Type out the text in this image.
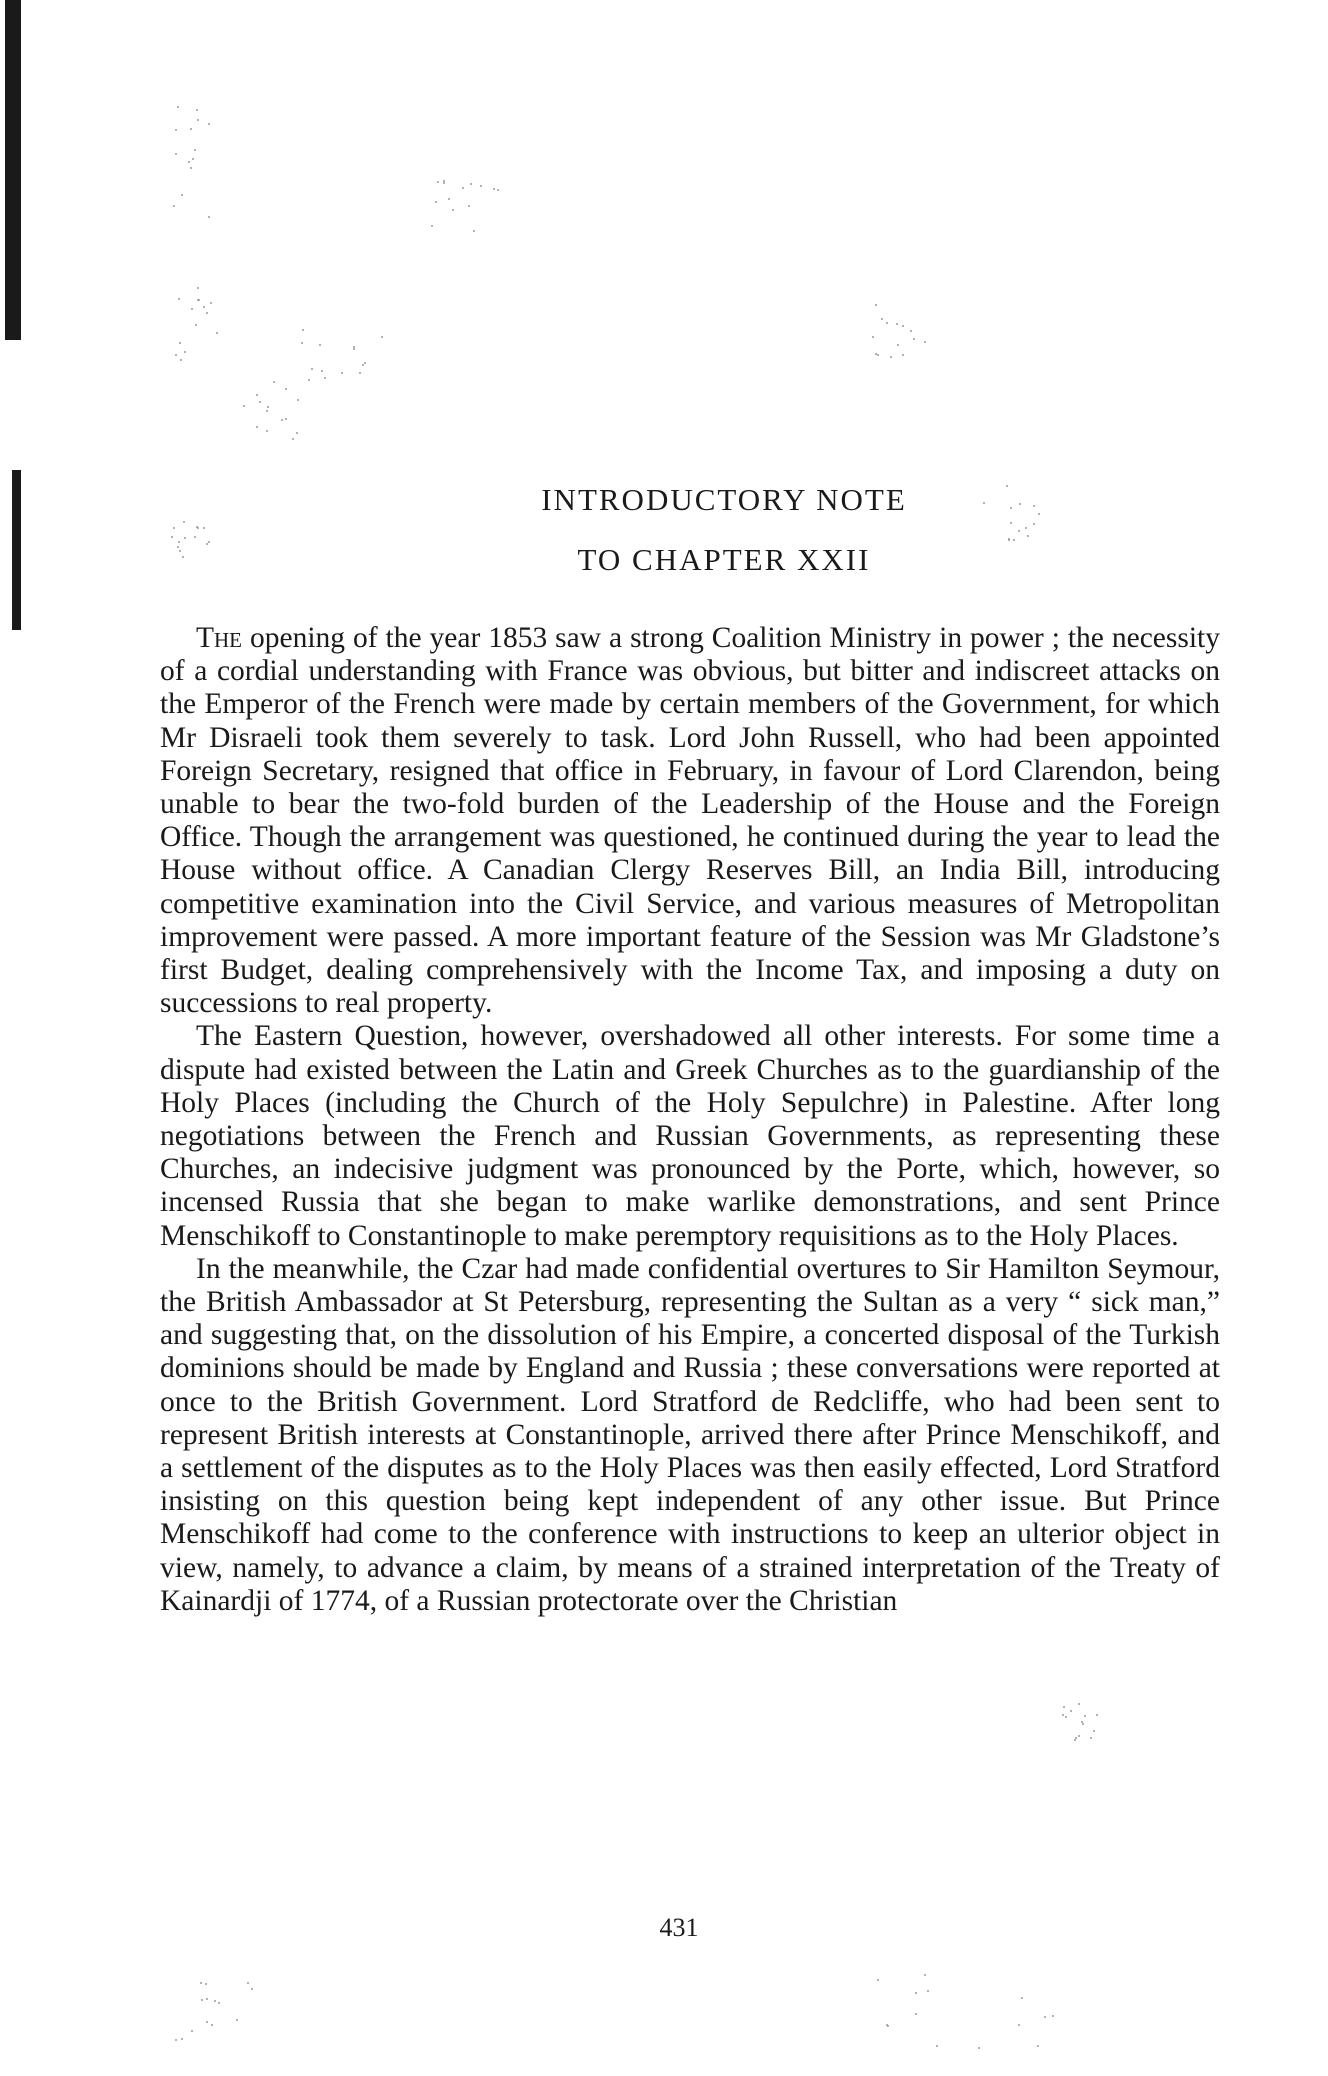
INTRODUCTORY NOTE
TO CHAPTER XXII

The opening of the year 1853 saw a strong Coalition Ministry in power ; the necessity of a cordial understanding with France was obvious, but bitter and indiscreet attacks on the Emperor of the French were made by certain members of the Government, for which Mr Disraeli took them severely to task. Lord John Russell, who had been appointed Foreign Secretary, resigned that office in February, in favour of Lord Clarendon, being unable to bear the two-fold burden of the Leadership of the House and the Foreign Office. Though the arrangement was questioned, he continued during the year to lead the House without office. A Canadian Clergy Reserves Bill, an India Bill, introducing competitive examination into the Civil Service, and various measures of Metropolitan improvement were passed. A more important feature of the Session was Mr Gladstone’s first Budget, dealing comprehensively with the Income Tax, and imposing a duty on successions to real property.

The Eastern Question, however, overshadowed all other interests. For some time a dispute had existed between the Latin and Greek Churches as to the guardianship of the Holy Places (including the Church of the Holy Sepulchre) in Palestine. After long negotiations between the French and Russian Governments, as representing these Churches, an indecisive judgment was pronounced by the Porte, which, however, so incensed Russia that she began to make warlike demonstrations, and sent Prince Menschikoff to Constantinople to make peremptory requisitions as to the Holy Places.

In the meanwhile, the Czar had made confidential overtures to Sir Hamilton Seymour, the British Ambassador at St Petersburg, representing the Sultan as a very “ sick man,” and suggesting that, on the dissolution of his Empire, a concerted disposal of the Turkish dominions should be made by England and Russia ; these conversations were reported at once to the British Government. Lord Stratford de Redcliffe, who had been sent to represent British interests at Constantinople, arrived there after Prince Menschikoff, and a settlement of the disputes as to the Holy Places was then easily effected, Lord Stratford insisting on this question being kept independent of any other issue. But Prince Menschikoff had come to the conference with instructions to keep an ulterior object in view, namely, to advance a claim, by means of a strained interpretation of the Treaty of Kainardji of 1774, of a Russian protectorate over the Christian

431
